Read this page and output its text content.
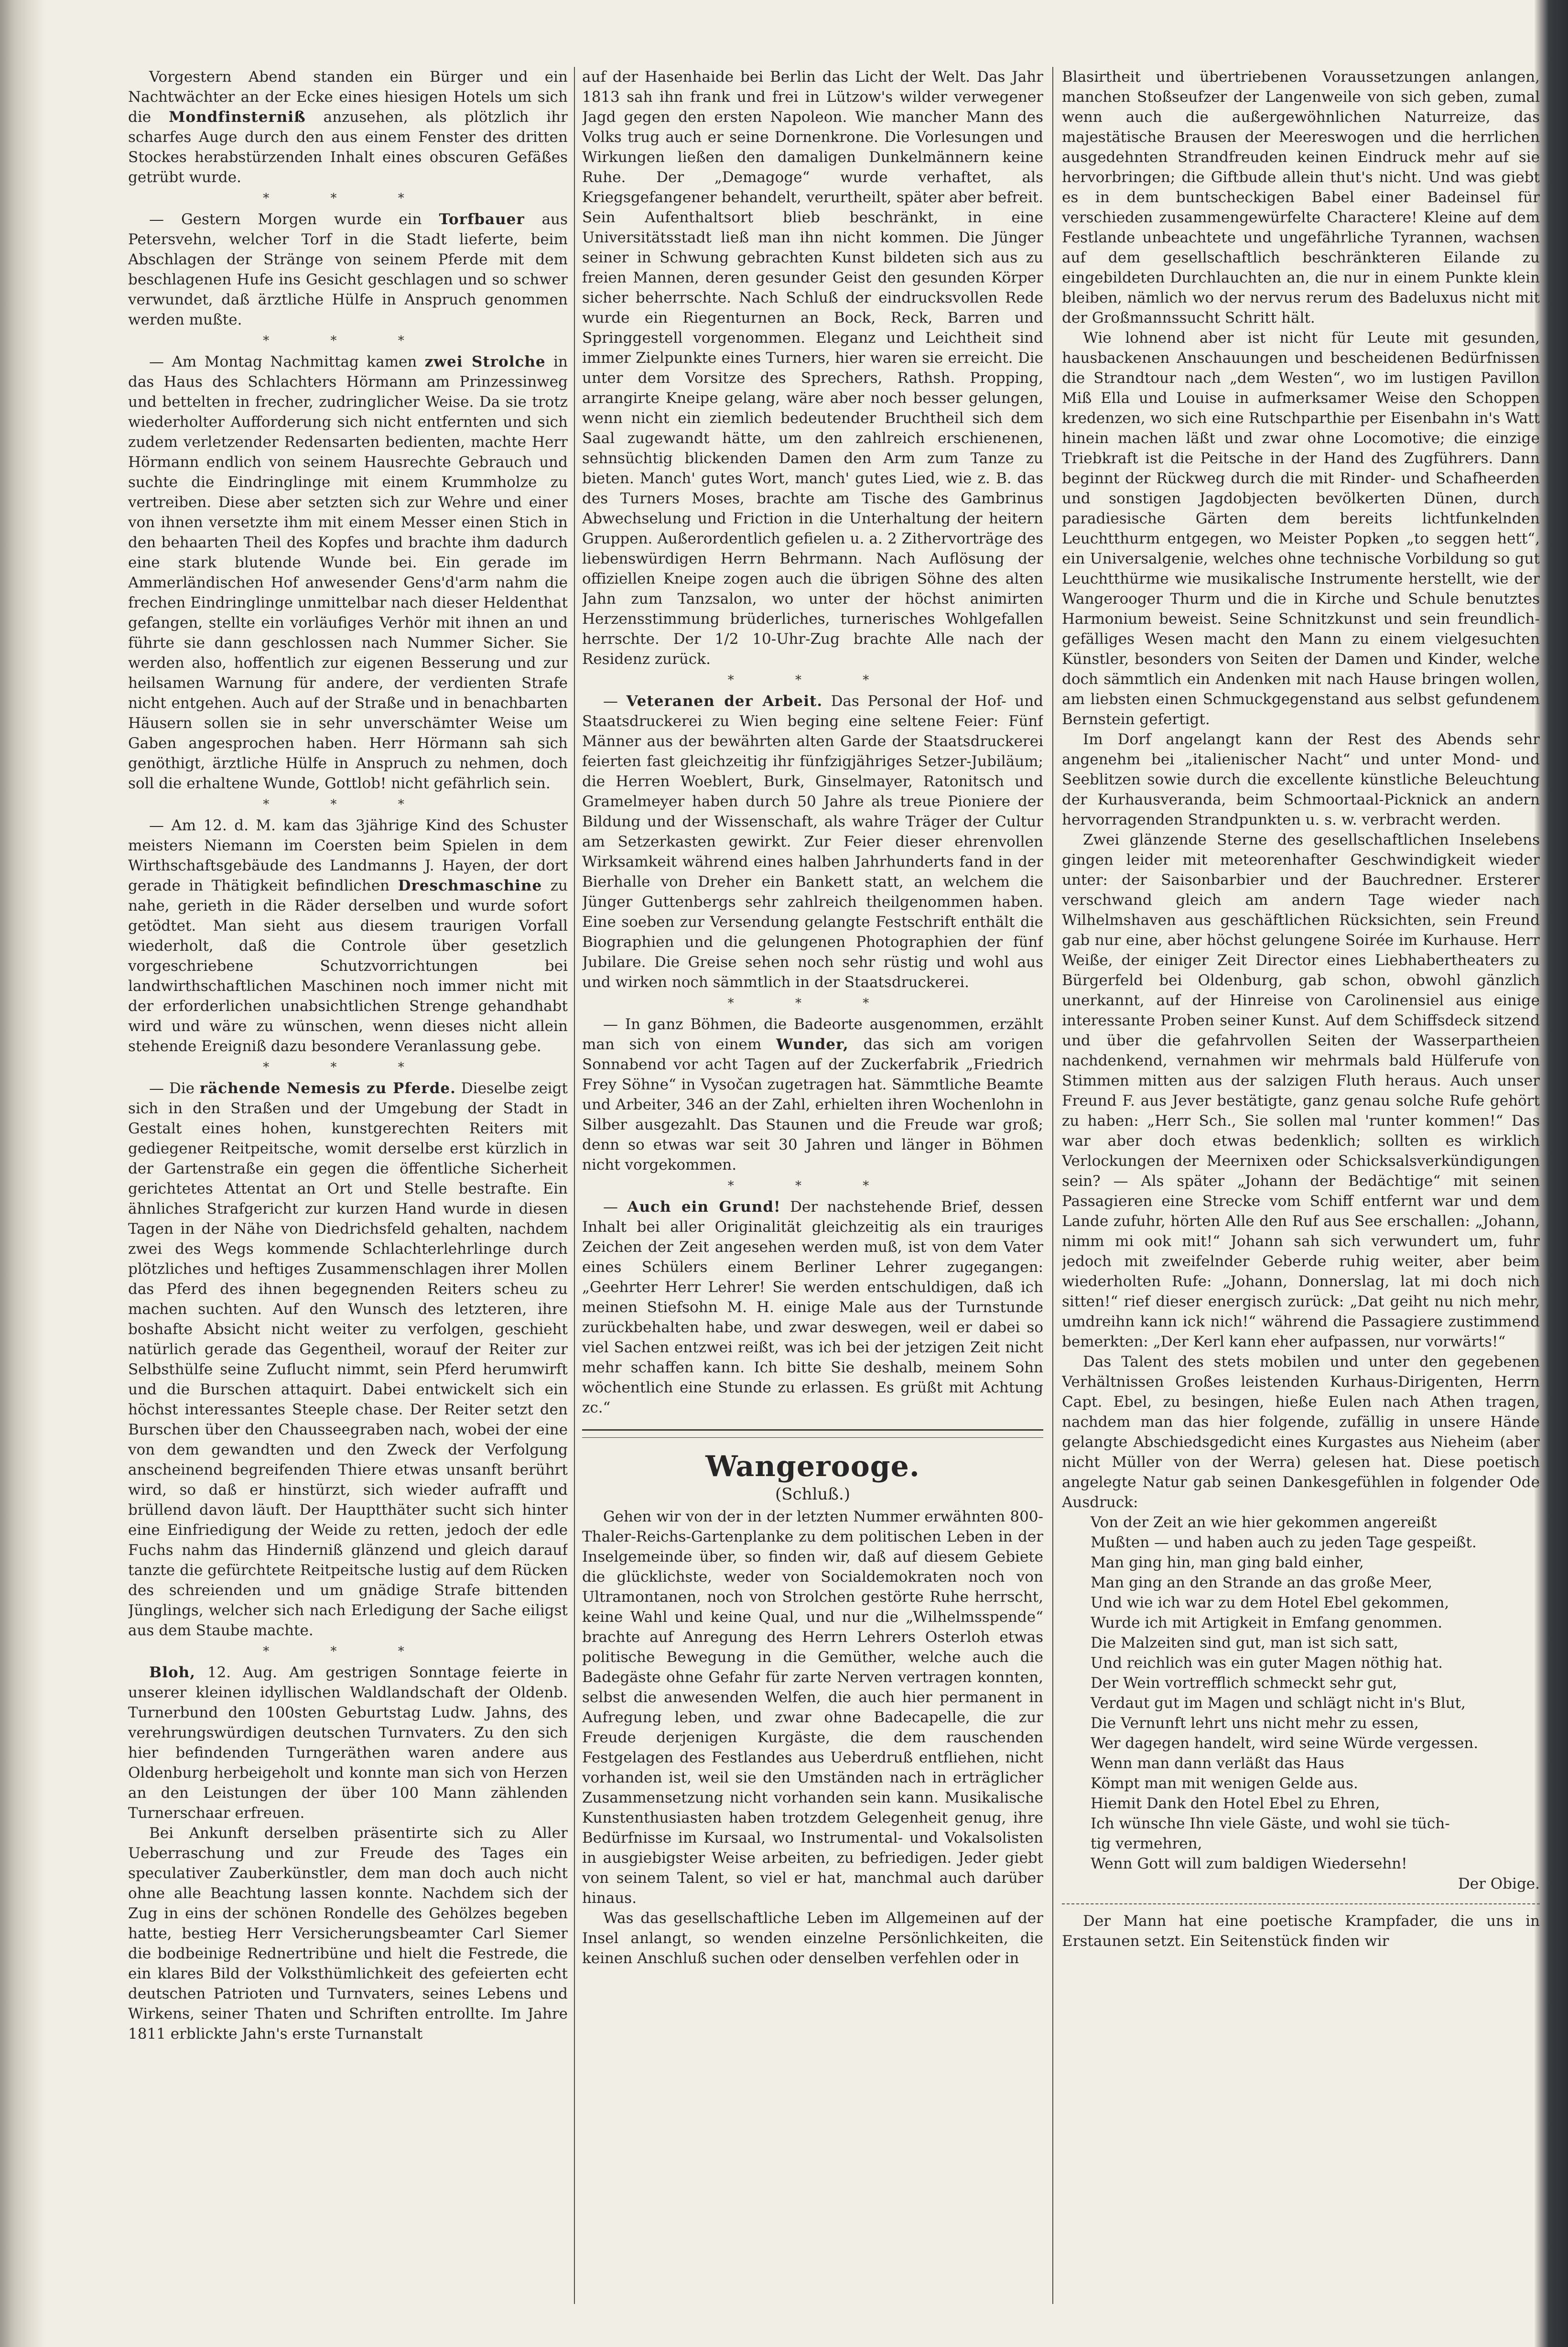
Vorgestern Abend standen ein Bürger und ein Nachtwächter an der Ecke eines hiesigen Hotels um sich die Mondfinsterniß anzusehen, als plötzlich ihr scharfes Auge durch den aus einem Fenster des dritten Stockes herabstürzenden Inhalt eines obscuren Gefäßes getrübt wurde.

* * *

— Gestern Morgen wurde ein Torfbauer aus Petersvehn, welcher Torf in die Stadt lieferte, beim Abschlagen der Stränge von seinem Pferde mit dem beschlagenen Hufe ins Gesicht geschlagen und so schwer verwundet, daß ärztliche Hülfe in Anspruch genommen werden mußte.

* * *

— Am Montag Nachmittag kamen zwei Strolche in das Haus des Schlachters Hörmann am Prinzessinweg und bettelten in frecher, zudringlicher Weise. Da sie trotz wiederholter Aufforderung sich nicht entfernten und sich zudem verletzender Redensarten bedienten, machte Herr Hörmann endlich von seinem Hausrechte Gebrauch und suchte die Eindringlinge mit einem Krummholze zu vertreiben. Diese aber setzten sich zur Wehre und einer von ihnen versetzte ihm mit einem Messer einen Stich in den behaarten Theil des Kopfes und brachte ihm dadurch eine stark blutende Wunde bei. Ein gerade im Ammerländischen Hof anwesender Gens'd'arm nahm die frechen Eindringlinge unmittelbar nach dieser Heldenthat gefangen, stellte ein vorläufiges Verhör mit ihnen an und führte sie dann geschlossen nach Nummer Sicher. Sie werden also, hoffentlich zur eigenen Besserung und zur heilsamen Warnung für andere, der verdienten Strafe nicht entgehen. Auch auf der Straße und in benachbarten Häusern sollen sie in sehr unverschämter Weise um Gaben angesprochen haben. Herr Hörmann sah sich genöthigt, ärztliche Hülfe in Anspruch zu nehmen, doch soll die erhaltene Wunde, Gottlob! nicht gefährlich sein.

* * *

— Am 12. d. M. kam das 3jährige Kind des Schuster meisters Niemann im Coersten beim Spielen in dem Wirthschaftsgebäude des Landmanns J. Hayen, der dort gerade in Thätigkeit befindlichen Dreschmaschine zu nahe, gerieth in die Räder derselben und wurde sofort getödtet. Man sieht aus diesem traurigen Vorfall wiederholt, daß die Controle über gesetzlich vorgeschriebene Schutzvorrichtungen bei landwirthschaftlichen Maschinen noch immer nicht mit der erforderlichen unabsichtlichen Strenge gehandhabt wird und wäre zu wünschen, wenn dieses nicht allein stehende Ereigniß dazu besondere Veranlassung gebe.

* * *

— Die rächende Nemesis zu Pferde. Dieselbe zeigt sich in den Straßen und der Umgebung der Stadt in Gestalt eines hohen, kunstgerechten Reiters mit gediegener Reitpeitsche, womit derselbe erst kürzlich in der Gartenstraße ein gegen die öffentliche Sicherheit gerichtetes Attentat an Ort und Stelle bestrafte. Ein ähnliches Strafgericht zur kurzen Hand wurde in diesen Tagen in der Nähe von Diedrichsfeld gehalten, nachdem zwei des Wegs kommende Schlachterlehrlinge durch plötzliches und heftiges Zusammenschlagen ihrer Mollen das Pferd des ihnen begegnenden Reiters scheu zu machen suchten. Auf den Wunsch des letzteren, ihre boshafte Absicht nicht weiter zu verfolgen, geschieht natürlich gerade das Gegentheil, worauf der Reiter zur Selbsthülfe seine Zuflucht nimmt, sein Pferd herumwirft und die Burschen attaquirt. Dabei entwickelt sich ein höchst interessantes Steeple chase. Der Reiter setzt den Burschen über den Chausseegraben nach, wobei der eine von dem gewandten und den Zweck der Verfolgung anscheinend begreifenden Thiere etwas unsanft berührt wird, so daß er hinstürzt, sich wieder aufrafft und brüllend davon läuft. Der Hauptthäter sucht sich hinter eine Einfriedigung der Weide zu retten, jedoch der edle Fuchs nahm das Hinderniß glänzend und gleich darauf tanzte die gefürchtete Reitpeitsche lustig auf dem Rücken des schreienden und um gnädige Strafe bittenden Jünglings, welcher sich nach Erledigung der Sache eiligst aus dem Staube machte.

* * *

Bloh, 12. Aug. Am gestrigen Sonntage feierte in unserer kleinen idyllischen Waldlandschaft der Oldenb. Turnerbund den 100sten Geburtstag Ludw. Jahns, des verehrungswürdigen deutschen Turnvaters. Zu den sich hier befindenden Turngeräthen waren andere aus Oldenburg herbeigeholt und konnte man sich von Herzen an den Leistungen der über 100 Mann zählenden Turnerschaar erfreuen.

Bei Ankunft derselben präsentirte sich zu Aller Ueberraschung und zur Freude des Tages ein speculativer Zauberkünstler, dem man doch auch nicht ohne alle Beachtung lassen konnte. Nachdem sich der Zug in eins der schönen Rondelle des Gehölzes begeben hatte, bestieg Herr Versicherungsbeamter Carl Siemer die bodbeinige Rednertribüne und hielt die Festrede, die ein klares Bild der Volksthümlichkeit des gefeierten echt deutschen Patrioten und Turnvaters, seines Lebens und Wirkens, seiner Thaten und Schriften entrollte. Im Jahre 1811 erblickte Jahn's erste Turnanstalt

auf der Hasenhaide bei Berlin das Licht der Welt. Das Jahr 1813 sah ihn frank und frei in Lützow's wilder verwegener Jagd gegen den ersten Napoleon. Wie mancher Mann des Volks trug auch er seine Dornenkrone. Die Vorlesungen und Wirkungen ließen den damaligen Dunkelmännern keine Ruhe. Der „Demagoge“ wurde verhaftet, als Kriegsgefangener behandelt, verurtheilt, später aber befreit. Sein Aufenthaltsort blieb beschränkt, in eine Universitätsstadt ließ man ihn nicht kommen. Die Jünger seiner in Schwung gebrachten Kunst bildeten sich aus zu freien Mannen, deren gesunder Geist den gesunden Körper sicher beherrschte. Nach Schluß der eindrucksvollen Rede wurde ein Riegenturnen an Bock, Reck, Barren und Springgestell vorgenommen. Eleganz und Leichtheit sind immer Zielpunkte eines Turners, hier waren sie erreicht. Die unter dem Vorsitze des Sprechers, Rathsh. Propping, arrangirte Kneipe gelang, wäre aber noch besser gelungen, wenn nicht ein ziemlich bedeutender Bruchtheil sich dem Saal zugewandt hätte, um den zahlreich erschienenen, sehnsüchtig blickenden Damen den Arm zum Tanze zu bieten. Manch' gutes Wort, manch' gutes Lied, wie z. B. das des Turners Moses, brachte am Tische des Gambrinus Abwechselung und Friction in die Unterhaltung der heitern Gruppen. Außerordentlich gefielen u. a. 2 Zithervorträge des liebenswürdigen Herrn Behrmann. Nach Auflösung der offiziellen Kneipe zogen auch die übrigen Söhne des alten Jahn zum Tanzsalon, wo unter der höchst animirten Herzensstimmung brüderliches, turnerisches Wohlgefallen herrschte. Der 1/2 10-Uhr-Zug brachte Alle nach der Residenz zurück.

* * *

— Veteranen der Arbeit. Das Personal der Hof- und Staatsdruckerei zu Wien beging eine seltene Feier: Fünf Männer aus der bewährten alten Garde der Staatsdruckerei feierten fast gleichzeitig ihr fünfzigjähriges Setzer-Jubiläum; die Herren Woeblert, Burk, Ginselmayer, Ratonitsch und Gramelmeyer haben durch 50 Jahre als treue Pioniere der Bildung und der Wissenschaft, als wahre Träger der Cultur am Setzerkasten gewirkt. Zur Feier dieser ehrenvollen Wirksamkeit während eines halben Jahrhunderts fand in der Bierhalle von Dreher ein Bankett statt, an welchem die Jünger Guttenbergs sehr zahlreich theilgenommen haben. Eine soeben zur Versendung gelangte Festschrift enthält die Biographien und die gelungenen Photographien der fünf Jubilare. Die Greise sehen noch sehr rüstig und wohl aus und wirken noch sämmtlich in der Staatsdruckerei.

* * *

— In ganz Böhmen, die Badeorte ausgenommen, erzählt man sich von einem Wunder, das sich am vorigen Sonnabend vor acht Tagen auf der Zuckerfabrik „Friedrich Frey Söhne“ in Vysočan zugetragen hat. Sämmtliche Beamte und Arbeiter, 346 an der Zahl, erhielten ihren Wochenlohn in Silber ausgezahlt. Das Staunen und die Freude war groß; denn so etwas war seit 30 Jahren und länger in Böhmen nicht vorgekommen.

* * *

— Auch ein Grund! Der nachstehende Brief, dessen Inhalt bei aller Originalität gleichzeitig als ein trauriges Zeichen der Zeit angesehen werden muß, ist von dem Vater eines Schülers einem Berliner Lehrer zugegangen: „Geehrter Herr Lehrer! Sie werden entschuldigen, daß ich meinen Stiefsohn M. H. einige Male aus der Turnstunde zurückbehalten habe, und zwar deswegen, weil er dabei so viel Sachen entzwei reißt, was ich bei der jetzigen Zeit nicht mehr schaffen kann. Ich bitte Sie deshalb, meinem Sohn wöchentlich eine Stunde zu erlassen. Es grüßt mit Achtung zc.“

Wangerooge.
(Schluß.)

Gehen wir von der in der letzten Nummer erwähnten 800-Thaler-Reichs-Gartenplanke zu dem politischen Leben in der Inselgemeinde über, so finden wir, daß auf diesem Gebiete die glücklichste, weder von Socialdemokraten noch von Ultramontanen, noch von Strolchen gestörte Ruhe herrscht, keine Wahl und keine Qual, und nur die „Wilhelmsspende“ brachte auf Anregung des Herrn Lehrers Osterloh etwas politische Bewegung in die Gemüther, welche auch die Badegäste ohne Gefahr für zarte Nerven vertragen konnten, selbst die anwesenden Welfen, die auch hier permanent in Aufregung leben, und zwar ohne Badecapelle, die zur Freude derjenigen Kurgäste, die dem rauschenden Festgelagen des Festlandes aus Ueberdruß entfliehen, nicht vorhanden ist, weil sie den Umständen nach in erträglicher Zusammensetzung nicht vorhanden sein kann. Musikalische Kunstenthusiasten haben trotzdem Gelegenheit genug, ihre Bedürfnisse im Kursaal, wo Instrumental- und Vokalsolisten in ausgiebigster Weise arbeiten, zu befriedigen. Jeder giebt von seinem Talent, so viel er hat, manchmal auch darüber hinaus.

Was das gesellschaftliche Leben im Allgemeinen auf der Insel anlangt, so wenden einzelne Persönlichkeiten, die keinen Anschluß suchen oder denselben verfehlen oder in

Blasirtheit und übertriebenen Voraussetzungen anlangen, manchen Stoßseufzer der Langenweile von sich geben, zumal wenn auch die außergewöhnlichen Naturreize, das majestätische Brausen der Meereswogen und die herrlichen ausgedehnten Strandfreuden keinen Eindruck mehr auf sie hervorbringen; die Giftbude allein thut's nicht. Und was giebt es in dem buntscheckigen Babel einer Badeinsel für verschieden zusammengewürfelte Charactere! Kleine auf dem Festlande unbeachtete und ungefährliche Tyrannen, wachsen auf dem gesellschaftlich beschränkteren Eilande zu eingebildeten Durchlauchten an, die nur in einem Punkte klein bleiben, nämlich wo der nervus rerum des Badeluxus nicht mit der Großmannssucht Schritt hält.

Wie lohnend aber ist nicht für Leute mit gesunden, hausbackenen Anschauungen und bescheidenen Bedürfnissen die Strandtour nach „dem Westen“, wo im lustigen Pavillon Miß Ella und Louise in aufmerksamer Weise den Schoppen kredenzen, wo sich eine Rutschparthie per Eisenbahn in's Watt hinein machen läßt und zwar ohne Locomotive; die einzige Triebkraft ist die Peitsche in der Hand des Zugführers. Dann beginnt der Rückweg durch die mit Rinder- und Schafheerden und sonstigen Jagdobjecten bevölkerten Dünen, durch paradiesische Gärten dem bereits lichtfunkelnden Leuchtthurm entgegen, wo Meister Popken „to seggen hett“, ein Universalgenie, welches ohne technische Vorbildung so gut Leuchtthürme wie musikalische Instrumente herstellt, wie der Wangerooger Thurm und die in Kirche und Schule benutztes Harmonium beweist. Seine Schnitzkunst und sein freundlich-gefälliges Wesen macht den Mann zu einem vielgesuchten Künstler, besonders von Seiten der Damen und Kinder, welche doch sämmtlich ein Andenken mit nach Hause bringen wollen, am liebsten einen Schmuckgegenstand aus selbst gefundenem Bernstein gefertigt.

Im Dorf angelangt kann der Rest des Abends sehr angenehm bei „italienischer Nacht“ und unter Mond- und Seeblitzen sowie durch die excellente künstliche Beleuchtung der Kurhausveranda, beim Schmoortaal-Picknick an andern hervorragenden Strandpunkten u. s. w. verbracht werden.

Zwei glänzende Sterne des gesellschaftlichen Inselebens gingen leider mit meteorenhafter Geschwindigkeit wieder unter: der Saisonbarbier und der Bauchredner. Ersterer verschwand gleich am andern Tage wieder nach Wilhelmshaven aus geschäftlichen Rücksichten, sein Freund gab nur eine, aber höchst gelungene Soirée im Kurhause. Herr Weiße, der einiger Zeit Director eines Liebhabertheaters zu Bürgerfeld bei Oldenburg, gab schon, obwohl gänzlich unerkannt, auf der Hinreise von Carolinensiel aus einige interessante Proben seiner Kunst. Auf dem Schiffsdeck sitzend und über die gefahrvollen Seiten der Wasserpartheien nachdenkend, vernahmen wir mehrmals bald Hülferufe von Stimmen mitten aus der salzigen Fluth heraus. Auch unser Freund F. aus Jever bestätigte, ganz genau solche Rufe gehört zu haben: „Herr Sch., Sie sollen mal 'runter kommen!“ Das war aber doch etwas bedenklich; sollten es wirklich Verlockungen der Meernixen oder Schicksalsverkündigungen sein? — Als später „Johann der Bedächtige“ mit seinen Passagieren eine Strecke vom Schiff entfernt war und dem Lande zufuhr, hörten Alle den Ruf aus See erschallen: „Johann, nimm mi ook mit!“ Johann sah sich verwundert um, fuhr jedoch mit zweifelnder Geberde ruhig weiter, aber beim wiederholten Rufe: „Johann, Donnerslag, lat mi doch nich sitten!“ rief dieser energisch zurück: „Dat geiht nu nich mehr, umdreihn kann ick nich!“ während die Passagiere zustimmend bemerkten: „Der Kerl kann eher aufpassen, nur vorwärts!“

Das Talent des stets mobilen und unter den gegebenen Verhältnissen Großes leistenden Kurhaus-Dirigenten, Herrn Capt. Ebel, zu besingen, hieße Eulen nach Athen tragen, nachdem man das hier folgende, zufällig in unsere Hände gelangte Abschiedsgedicht eines Kurgastes aus Nieheim (aber nicht Müller von der Werra) gelesen hat. Diese poetisch angelegte Natur gab seinen Dankesgefühlen in folgender Ode Ausdruck:

Von der Zeit an wie hier gekommen angereißt
Mußten — und haben auch zu jeden Tage gespeißt.
Man ging hin, man ging bald einher,
Man ging an den Strande an das große Meer,
Und wie ich war zu dem Hotel Ebel gekommen,
Wurde ich mit Artigkeit in Emfang genommen.
Die Malzeiten sind gut, man ist sich satt,
Und reichlich was ein guter Magen nöthig hat.
Der Wein vortrefflich schmeckt sehr gut,
Verdaut gut im Magen und schlägt nicht in's Blut,
Die Vernunft lehrt uns nicht mehr zu essen,
Wer dagegen handelt, wird seine Würde vergessen.
Wenn man dann verläßt das Haus
Kömpt man mit wenigen Gelde aus.
Hiemit Dank den Hotel Ebel zu Ehren,
Ich wünsche Ihn viele Gäste, und wohl sie tüch-
tig vermehren,
Wenn Gott will zum baldigen Wiedersehn!

Der Obige.

Der Mann hat eine poetische Krampfader, die uns in Erstaunen setzt. Ein Seitenstück finden wir
